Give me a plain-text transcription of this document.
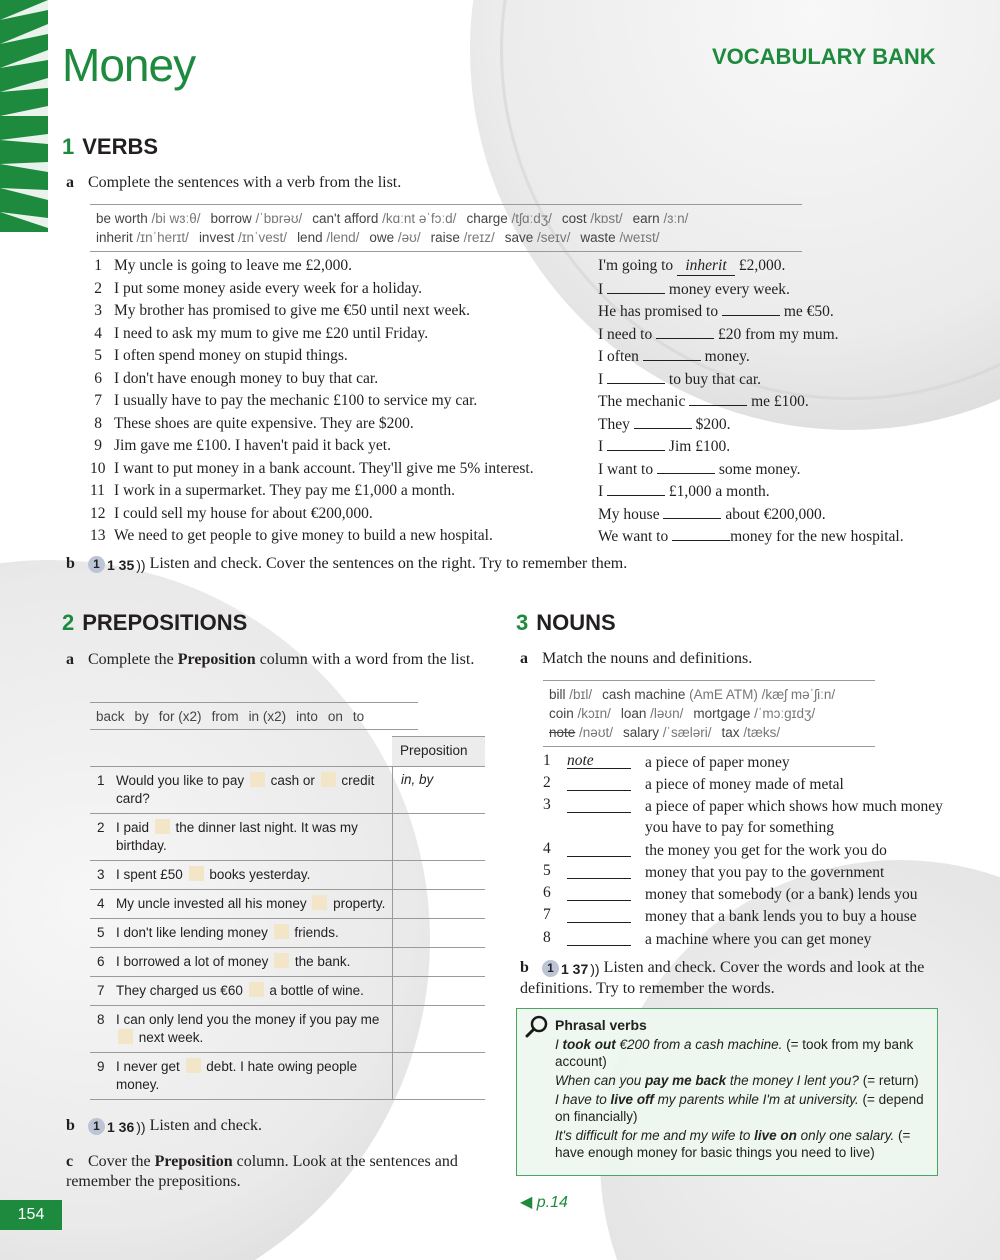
Money	VOCABULARY BANK
1 VERBS
a Complete the sentences with a verb from the list.
be worth /bi wɜːθ/ borrow /ˈbɒrəʊ/ can't afford /kɑːnt əˈfɔːd/ charge /tʃɑːdʒ/ cost /kɒst/ earn /ɜːn/
inherit /ɪnˈherɪt/ invest /ɪnˈvest/ lend /lend/ owe /əʊ/ raise /reɪz/ save /seɪv/ waste /weɪst/
1 My uncle is going to leave me £2,000.	I'm going to inherit £2,000.
2 I put some money aside every week for a holiday.	I	money every week.
3 My brother has promised to give me €50 until next week.	He has promised to	me €50.
4 I need to ask my mum to give me £20 until Friday.	I need to	£20 from my mum.
5 I often spend money on stupid things.	I often	money.
6 I don't have enough money to buy that car.	I	to buy that car.
7 I usually have to pay the mechanic £100 to service my car.	The mechanic	me £100.
8 These shoes are quite expensive. They are $200.	They	$200.
9 Jim gave me £100. I haven't paid it back yet.	I	Jim £100.
10 I want to put money in a bank account. They'll give me 5% interest.	I want to	some money.
11 I work in a supermarket. They pay me £1,000 a month.	I	£1,000 a month.
12 I could sell my house for about €200,000.	My house	about €200,000.
13 We need to get people to give money to build a new hospital.	We want to	money for the new hospital.
b	1 1 35 )) Listen and check. Cover the sentences on the right. Try to remember them.
2 PREPOSITIONS
a Complete the Preposition column with a word from the list.
back by for (x2) from in (x2) into on to
Preposition
1 Would you like to pay  cash or  credit card?
in, by
2 I paid  the dinner last night. It was my birthday.
3 I spent £50  books yesterday.
4 My uncle invested all his money  property.
5 I don't like lending money  friends.
6 I borrowed a lot of money  the bank.
7 They charged us €60  a bottle of wine.
8 I can only lend you the money if you pay me  next week.
9 I never get  debt. I hate owing people money.
b	1 1 36 )) Listen and check.
c Cover the Preposition column. Look at the sentences and remember the prepositions.
3 NOUNS
a Match the nouns and definitions.
bill /bɪl/ cash machine (AmE ATM) /kæʃ məˈʃiːn/
coin /kɔɪn/ loan /ləʊn/ mortgage /ˈmɔːɡɪdʒ/
note /nəʊt/ salary /ˈsæləri/ tax /tæks/
1 note	a piece of paper money
2	a piece of money made of metal
3	a piece of paper which shows how much money you have to pay for something
4	the money you get for the work you do
5	money that you pay to the government
6	money that somebody (or a bank) lends you
7	money that a bank lends you to buy a house
8	a machine where you can get money
b	1 1 37 )) Listen and check. Cover the words and look at the definitions. Try to remember the words.
Phrasal verbs

I took out €200 from a cash machine. (= took from my bank account)

When can you pay me back the money I lent you? (= return)

I have to live off my parents while I'm at university. (= depend on financially)

It's difficult for me and my wife to live on only one salary. (= have enough money for basic things you need to live)

◀ p.14
154
